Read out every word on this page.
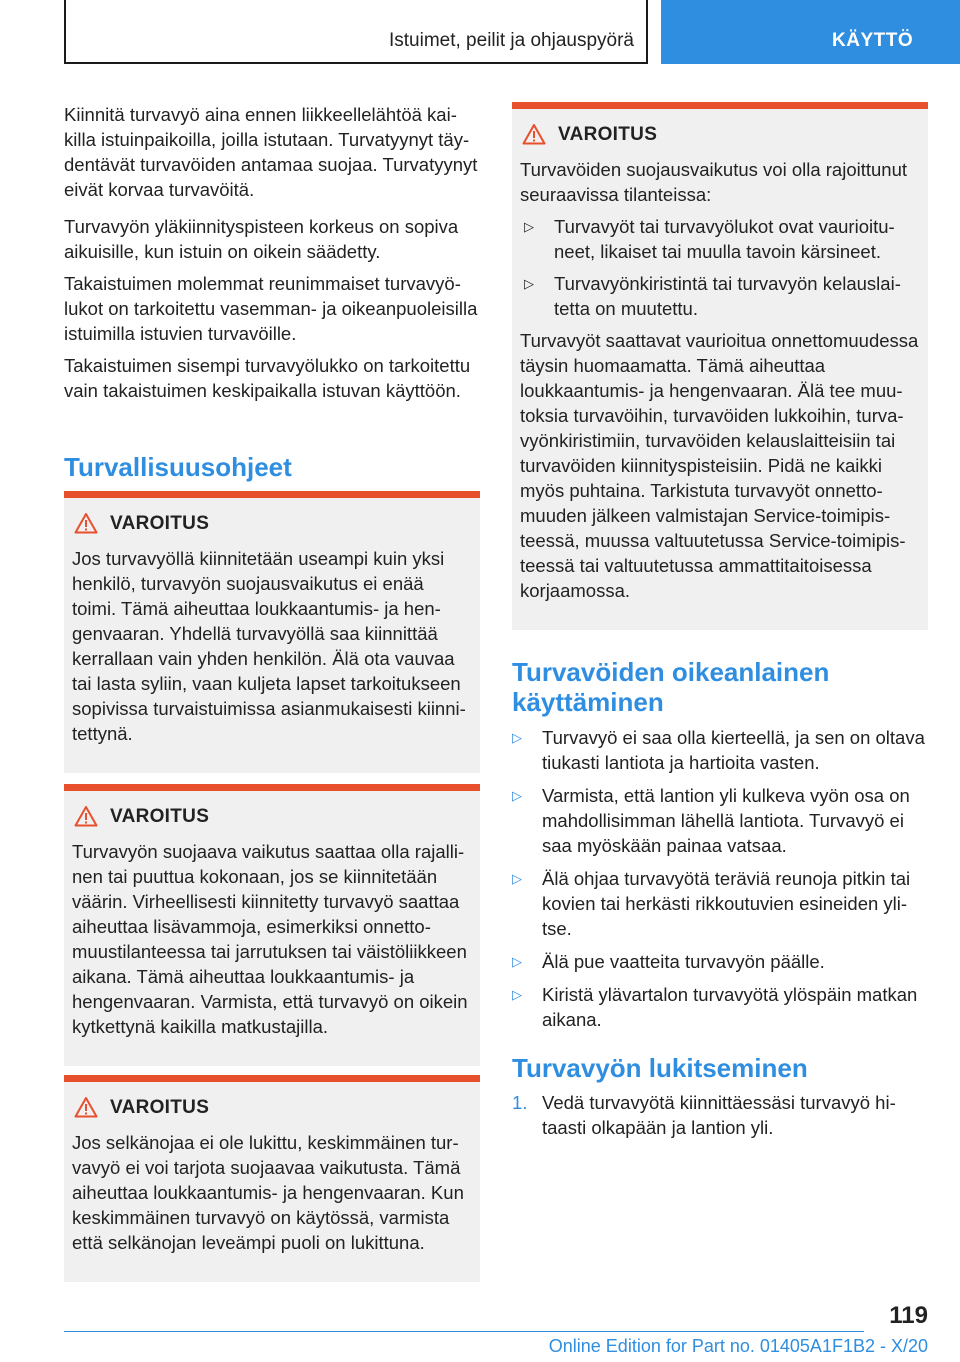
Istuimet, peilit ja ohjauspyörä	KÄYTTÖ

Kiinnitä turvavyö aina ennen liikkeellelähtöä kaikilla istuinpaikoilla, joilla istutaan. Turvatyynyt täydentävät turvavöiden antamaa suojaa. Turvatyynyt eivät korvaa turvavöitä.

Turvavyön yläkiinnityspisteen korkeus on sopiva aikuisille, kun istuin on oikein säädetty.

Takaistuimen molemmat reunimmaiset turvavyölukot on tarkoitettu vasemman- ja oikeanpuoleisilla istuimilla istuvien turvavöille.

Takaistuimen sisempi turvavyölukko on tarkoitettu vain takaistuimen keskipaikalla istuvan käyttöön.

Turvallisuusohjeet
VAROITUS
Jos turvavyöllä kiinnitetään useampi kuin yksi henkilö, turvavyön suojausvaikutus ei enää toimi. Tämä aiheuttaa loukkaantumis- ja hengenvaaran. Yhdellä turvavyöllä saa kiinnittää kerrallaan vain yhden henkilön. Älä ota vauvaa tai lasta syliin, vaan kuljeta lapset tarkoitukseen sopivissa turvaistuimissa asianmukaisesti kiinnitettynä.
VAROITUS
Turvavyön suojaava vaikutus saattaa olla rajallinen tai puuttua kokonaan, jos se kiinnitetään väärin. Virheellisesti kiinnitetty turvavyö saattaa aiheuttaa lisävammoja, esimerkiksi onnettomuustilanteessa tai jarrutuksen tai väistöliikkeen aikana. Tämä aiheuttaa loukkaantumis- ja hengenvaaran. Varmista, että turvavyö on oikein kytkettynä kaikilla matkustajilla.
VAROITUS
Jos selkänojaa ei ole lukittu, keskimmäinen turvavyö ei voi tarjota suojaavaa vaikutusta. Tämä aiheuttaa loukkaantumis- ja hengenvaaran. Kun keskimmäinen turvavyö on käytössä, varmista että selkänojan leveämpi puoli on lukittuna.
VAROITUS
Turvavöiden suojausvaikutus voi olla rajoittunut seuraavissa tilanteissa:
▷ Turvavyöt tai turvavyölukot ovat vaurioituneet, likaiset tai muulla tavoin kärsineet.
▷ Turvavyönkiristintä tai turvavyön kelauslaitetta on muutettu.
Turvavyöt saattavat vaurioitua onnettomuudessa täysin huomaamatta. Tämä aiheuttaa loukkaantumis- ja hengenvaaran. Älä tee muutoksia turvavöihin, turvavöiden lukkoihin, turvavyönkiristimiin, turvavöiden kelauslaitteisiin tai turvavöiden kiinnityspisteisiin. Pidä ne kaikki myös puhtaina. Tarkistuta turvavyöt onnettomuuden jälkeen valmistajan Service-toimipisteessä, muussa valtuutetussa Service-toimipisteessä tai valtuutetussa ammattitaitoisessa korjaamossa.
Turvavöiden oikeanlainen
käyttäminen
▷ Turvavyö ei saa olla kierteellä, ja sen on oltava tiukasti lantiota ja hartioita vasten.
▷ Varmista, että lantion yli kulkeva vyön osa on mahdollisimman lähellä lantiota. Turvavyö ei saa myöskään painaa vatsaa.
▷ Älä ohjaa turvavyötä teräviä reunoja pitkin tai kovien tai herkästi rikkoutuvien esineiden ylitse.
▷ Älä pue vaatteita turvavyön päälle.
▷ Kiristä ylävartalon turvavyötä ylöspäin matkan aikana.
Turvavyön lukitseminen
1. Vedä turvavyötä kiinnittäessäsi turvavyö hitaasti olkapään ja lantion yli.
119
Online Edition for Part no. 01405A1F1B2 - X/20
